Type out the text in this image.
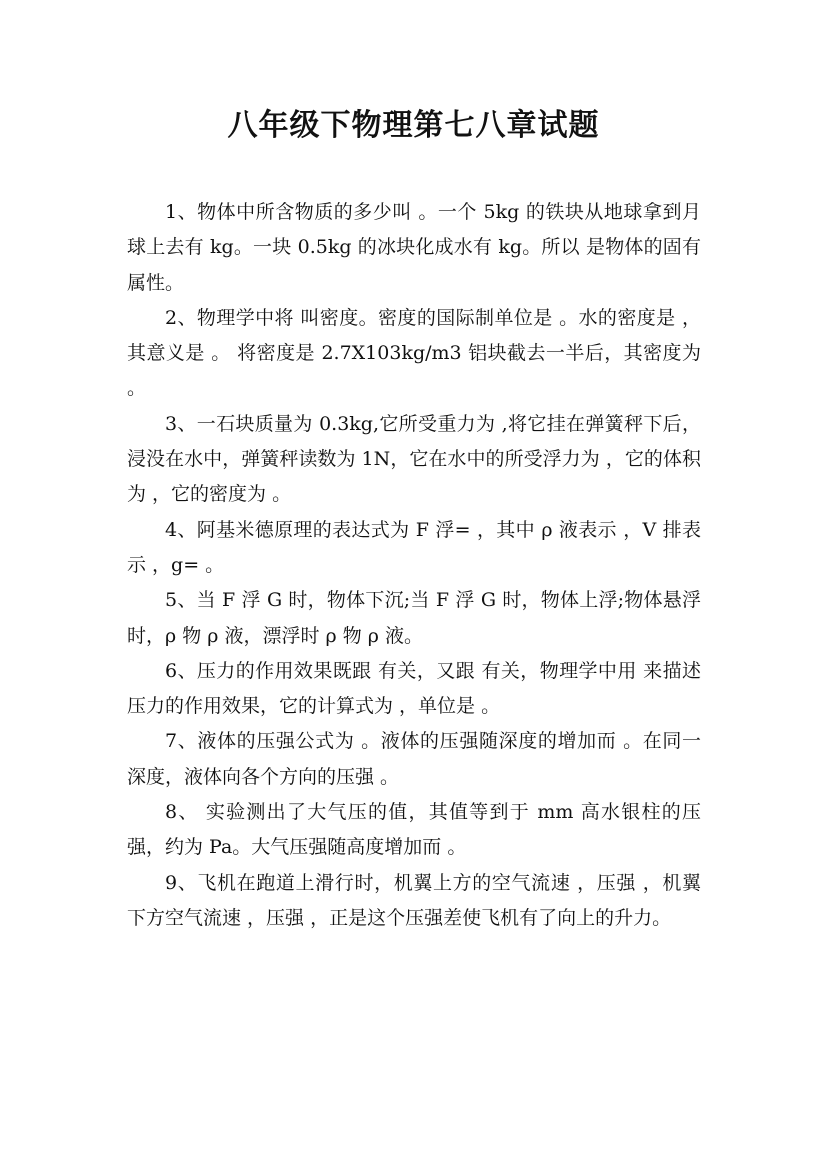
八年级下物理第七八章试题

1、物体中所含物质的多少叫 。一个 5kg 的铁块从地球拿到月球上去有 kg。一块 0.5kg 的冰块化成水有 kg。所以 是物体的固有属性。

2、物理学中将 叫密度。密度的国际制单位是 。水的密度是 ，其意义是 。 将密度是 2.7X103kg/m3 铝块截去一半后，其密度为 。

3、一石块质量为 0.3kg,它所受重力为 ,将它挂在弹簧秤下后，浸没在水中，弹簧秤读数为 1N，它在水中的所受浮力为 ，它的体积为 ，它的密度为 。

4、阿基米德原理的表达式为 F 浮= ，其中 ρ 液表示 ，V 排表示 ，g= 。

5、当 F 浮 G 时，物体下沉;当 F 浮 G 时，物体上浮;物体悬浮时，ρ 物 ρ 液，漂浮时 ρ 物 ρ 液。

6、压力的作用效果既跟 有关，又跟 有关，物理学中用 来描述压力的作用效果，它的计算式为 ，单位是 。

7、液体的压强公式为 。液体的压强随深度的增加而 。在同一深度，液体向各个方向的压强 。

8、 实验测出了大气压的值，其值等到于 mm 高水银柱的压强，约为 Pa。大气压强随高度增加而 。

9、飞机在跑道上滑行时，机翼上方的空气流速 ，压强 ，机翼下方空气流速 ，压强 ，正是这个压强差使飞机有了向上的升力。
